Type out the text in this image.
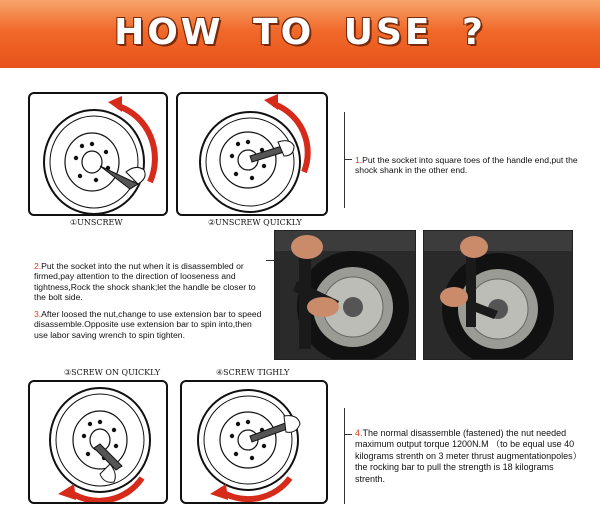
HOW TO USE ?
①UNSCREW	②UNSCREW QUICKLY
1.Put the socket into square toes of the handle end,put the shock shank in the other end.
2.Put the socket into the nut when it is disassembled or firmed,pay attention to the direction of looseness and tightness,Rock the shock shank;let the handle be closer to the bolt side.
3.After loosed the nut,change to use extension bar to speed disassemble.Opposite use extension bar to spin into,then use labor saving wrench to spin tighten.
③SCREW ON QUICKLY	④SCREW TIGHLY
4.The normal disassemble (fastened) the nut needed maximum output torque 1200N.M （to be equal use 40 kilograms strenth on 3 meter thrust augmentationpoles） the rocking bar to pull the strength is 18 kilograms strenth.
